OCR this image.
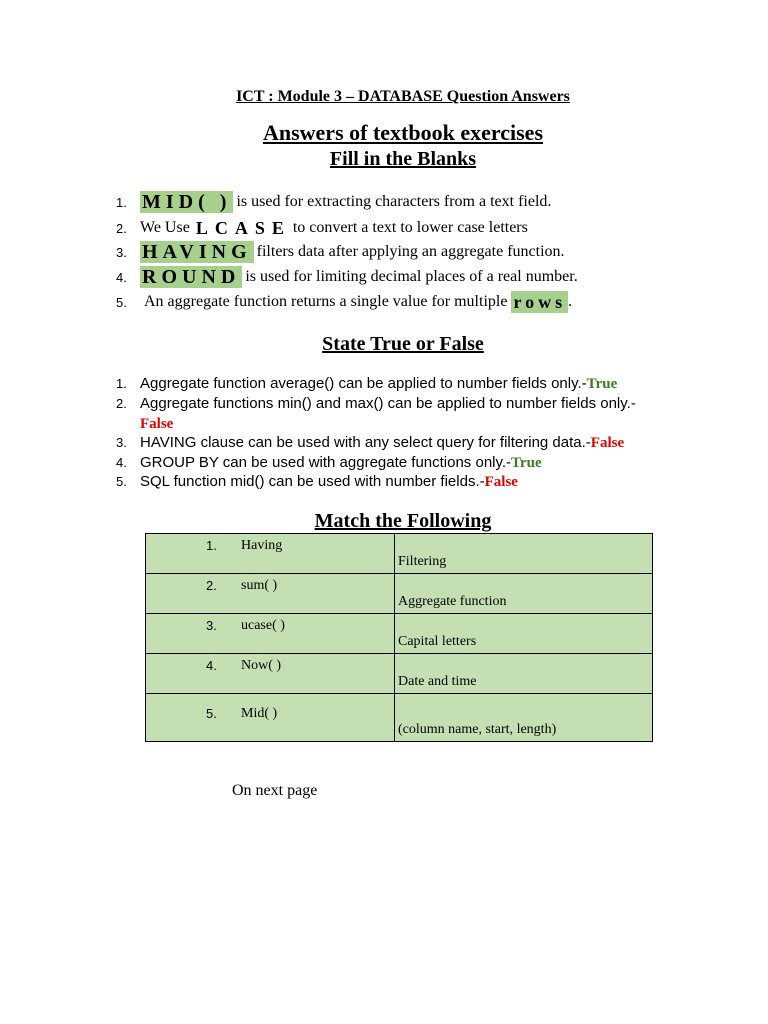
ICT : Module 3 – DATABASE Question Answers
Answers of textbook exercises
Fill in the Blanks
1. MID( ) is used for extracting characters from a text field.
2. We Use LCASE to convert a text to lower case letters
3. HAVING filters data after applying an aggregate function.
4. ROUND is used for limiting decimal places of a real number.
5.	An aggregate function returns a single value for multiple rows .
State True or False
1. Aggregate function average() can be applied to number fields only.-True
2. Aggregate functions min() and max() can be applied to number fields only.-
False
3. HAVING clause can be used with any select query for filtering data.-False
4. GROUP BY can be used with aggregate functions only.-True
5. SQL function mid() can be used with number fields.-False
Match the Following
1. Having	Filtering

2. sum( )	Aggregate function

3. ucase( )	Capital letters

4. Now( )	Date and time

5. Mid( )	(column name, start, length)
On next page
